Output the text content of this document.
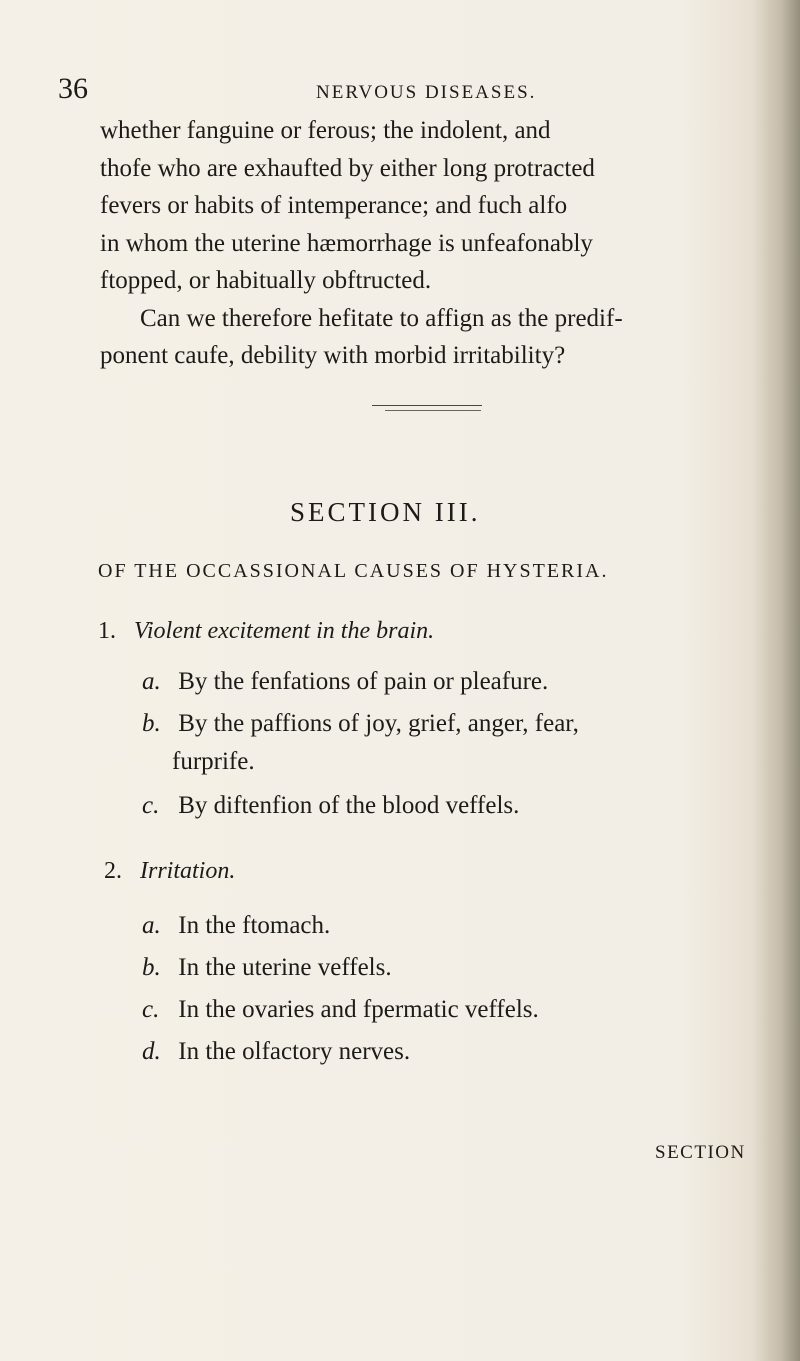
36	NERVOUS DISEASES.
whether fanguine or ferous; the indolent, and
thofe who are exhaufted by either long protracted
fevers or habits of intemperance; and fuch alfo
in whom the uterine hæmorrhage is unfeafonably
ftopped, or habitually obftructed.
Can we therefore hefitate to affign as the predif-
ponent caufe, debility with morbid irritability?
SECTION III.
OF THE OCCASSIONAL CAUSES OF HYSTERIA.
1. Violent excitement in the brain.
a. By the fenfations of pain or pleafure.
b. By the paffions of joy, grief, anger, fear,
furprife.
c. By diftenfion of the blood veffels.
2. Irritation.
a. In the ftomach.
b. In the uterine veffels.
c. In the ovaries and fpermatic veffels.
d. In the olfactory nerves.
SECTION
